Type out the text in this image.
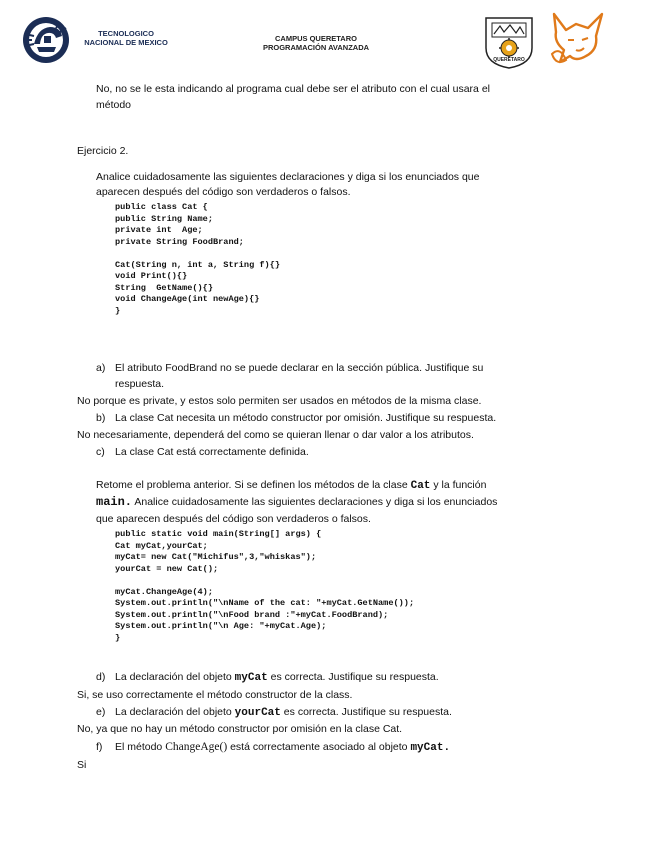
TECNOLOGICO
NACIONAL DE MEXICO	CAMPUS QUERETARO
PROGRAMACIÓN AVANZADA
QUERETARO
No, no se le esta indicando al programa cual debe ser el atributo con el cual usara el
método
Ejercicio 2.
Analice cuidadosamente las siguientes declaraciones y diga si los enunciados que
aparecen después del código son verdaderos o falsos.
public class Cat {
public String Name;
private int  Age;
private String FoodBrand;

Cat(String n, int a, String f){}
void Print(){}
String  GetName(){}
void ChangeAge(int newAge){}
}
a) El atributo FoodBrand no se puede declarar en la sección pública. Justifique su
respuesta.
No porque es private, y estos solo permiten ser usados en métodos de la misma clase.
b) La clase Cat necesita un método constructor por omisión. Justifique su respuesta.
No necesariamente, dependerá del como se quieran llenar o dar valor a los atributos.
c) La clase Cat está correctamente definida.
Retome el problema anterior. Si se definen los métodos de la clase Cat y la función
main. Analice cuidadosamente las siguientes declaraciones y diga si los enunciados
que aparecen después del código son verdaderos o falsos.
public static void main(String[] args) {
Cat myCat,yourCat;
myCat= new Cat("Michifus",3,"whiskas");
yourCat = new Cat();

myCat.ChangeAge(4);
System.out.println("\nName of the cat: "+myCat.GetName());
System.out.println("\nFood brand :"+myCat.FoodBrand);
System.out.println("\n Age: "+myCat.Age);
}
d) La declaración del objeto myCat es correcta. Justifique su respuesta.
Si, se uso correctamente el método constructor de la class.
e) La declaración del objeto yourCat es correcta. Justifique su respuesta.
No, ya que no hay un método constructor por omisión en la clase Cat.
f) El método ChangeAge() está correctamente asociado al objeto myCat.
Si
